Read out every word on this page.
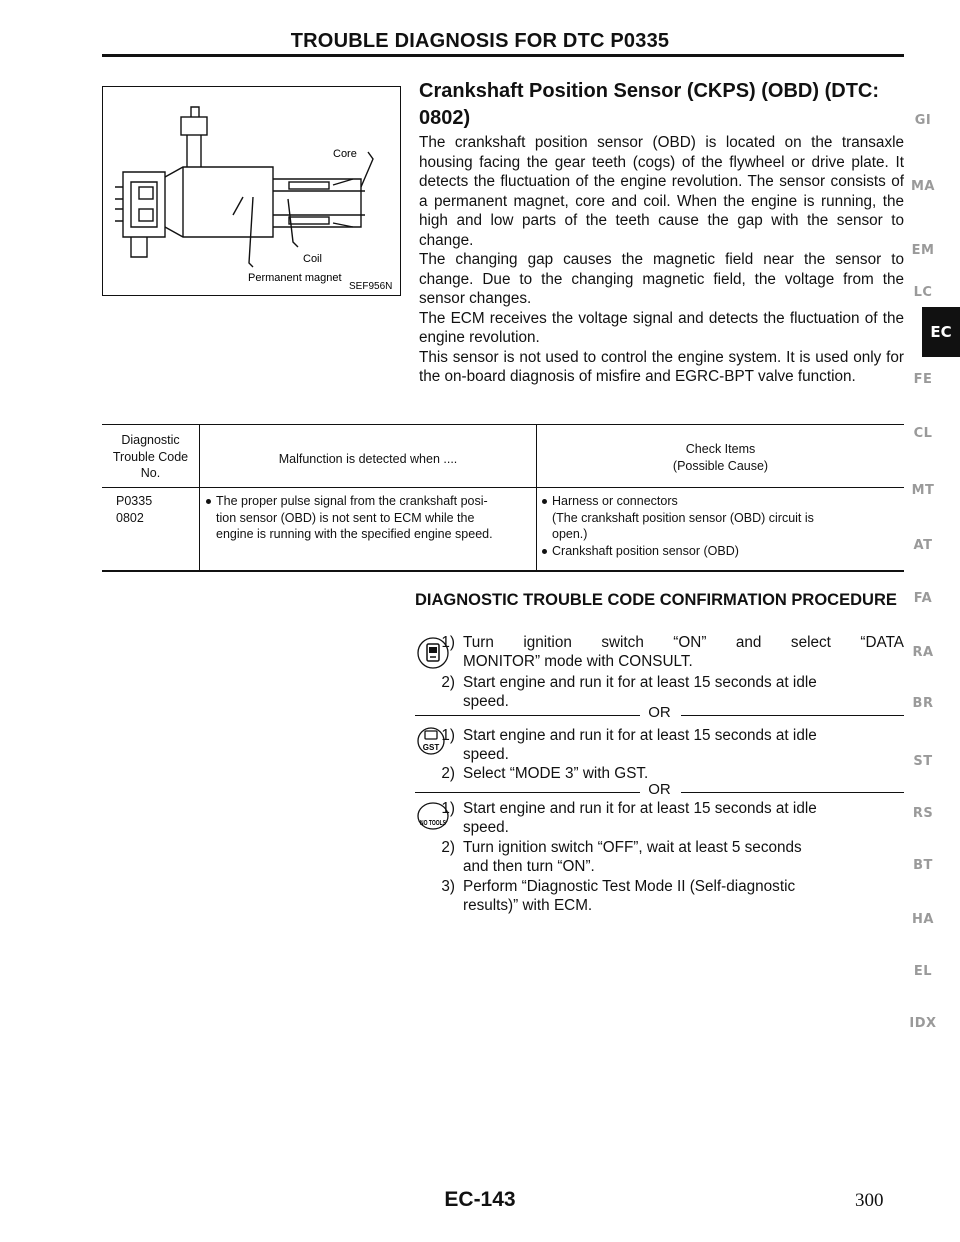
TROUBLE DIAGNOSIS FOR DTC P0335
Core
Coil
Permanent magnet
SEF956N
Crankshaft Position Sensor (CKPS) (OBD) (DTC: 0802)

The crankshaft position sensor (OBD) is located on the transaxle housing facing the gear teeth (cogs) of the flywheel or drive plate. It detects the fluctuation of the engine revolution. The sensor consists of a permanent magnet, core and coil. When the engine is running, the high and low parts of the teeth cause the gap with the sensor to change.

The changing gap causes the magnetic field near the sensor to change. Due to the changing magnetic field, the voltage from the sensor changes.

The ECM receives the voltage signal and detects the fluctuation of the engine revolution.

This sensor is not used to control the engine system. It is used only for the on-board diagnosis of misfire and EGRC-BPT valve function.

GI
MA
EM
LC
EC
FE
CL
MT
AT
FA
RA
BR
ST
RS
BT
HA
EL
IDX
Diagnostic
Trouble Code
No.
Malfunction is detected when ....
Check Items
(Possible Cause)
P0335
0802
The proper pulse signal from the crankshaft posi-
tion sensor (OBD) is not sent to ECM while the
engine is running with the specified engine speed.
Harness or connectors
(The crankshaft position sensor (OBD) circuit is
open.)
Crankshaft position sensor (OBD)
DIAGNOSTIC TROUBLE CODE CONFIRMATION PROCEDURE
1) Turn ignition switch “ON” and select “DATA
MONITOR” mode with CONSULT.
2) Start engine and run it for at least 15 seconds at idle
speed.
OR
GST
1) Start engine and run it for at least 15 seconds at idle
speed.
2) Select “MODE 3” with GST.
OR
NO TOOLS
1) Start engine and run it for at least 15 seconds at idle
speed.
2) Turn ignition switch “OFF”, wait at least 5 seconds
and then turn “ON”.
3) Perform “Diagnostic Test Mode II (Self-diagnostic
results)” with ECM.
EC-143	300
